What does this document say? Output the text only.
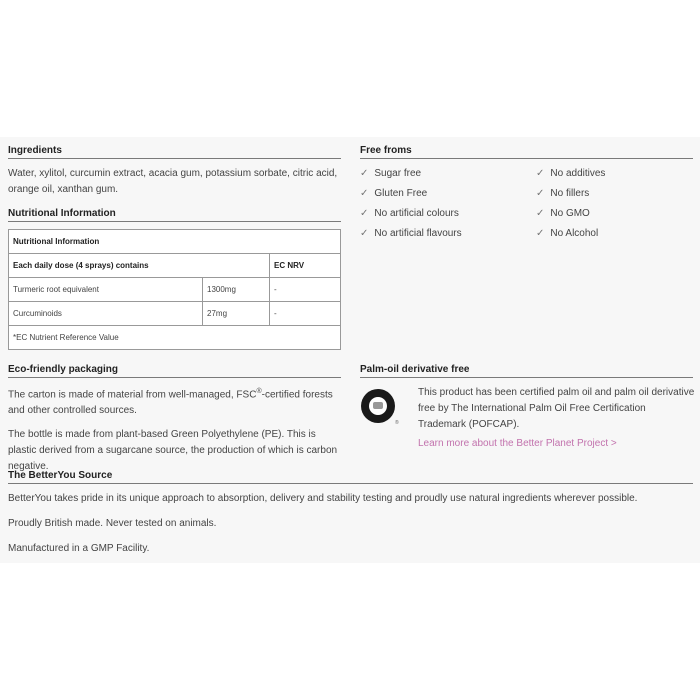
Ingredients

Water, xylitol, curcumin extract, acacia gum, potassium sorbate, citric acid,
orange oil, xanthan gum.

Nutritional Information
Nutritional Information		
Each daily dose (4 sprays) contains		EC NRV
Turmeric root equivalent	1300mg	-
Curcuminoids	27mg	-
*EC Nutrient Reference Value		
Free froms
✓ Sugar free
✓ Gluten Free
✓ No artificial colours
✓ No artificial flavours
✓ No additives
✓ No fillers
✓ No GMO
✓ No Alcohol
Eco-friendly packaging

The carton is made of material from well-managed, FSC®-certified forests and other controlled sources.

The bottle is made from plant-based Green Polyethylene (PE). This is plastic derived from a sugarcane source, the production of which is carbon negative.

Palm-oil derivative free
®

This product has been certified palm oil and palm oil derivative free by The International Palm Oil Free Certification Trademark (POFCAP).

Learn more about the Better Planet Project >
The BetterYou Source

BetterYou takes pride in its unique approach to absorption, delivery and stability testing and proudly use natural ingredients wherever possible.

Proudly British made. Never tested on animals.

Manufactured in a GMP Facility.
